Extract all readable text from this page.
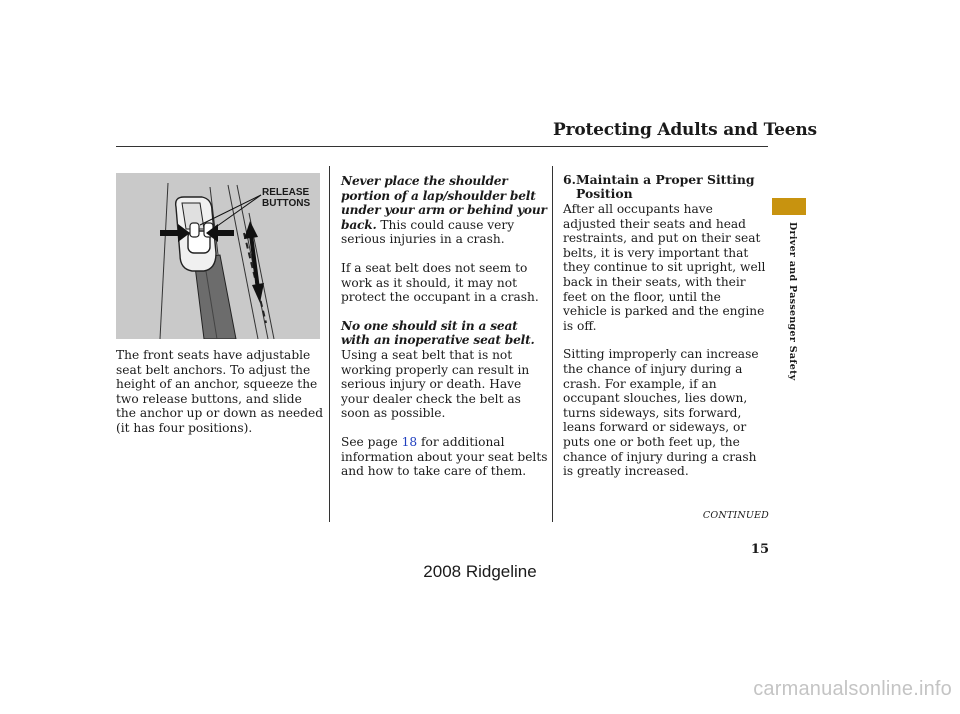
Protecting Adults and Teens
RELEASE
BUTTONS

The front seats have adjustable seat belt anchors. To adjust the height of an anchor, squeeze the two release buttons, and slide the anchor up or down as needed (it has four positions).

Never place the shoulder portion of a lap/shoulder belt under your arm or behind your back. This could cause very serious injuries in a crash.

If a seat belt does not seem to work as it should, it may not protect the occupant in a crash.

No one should sit in a seat with an inoperative seat belt. Using a seat belt that is not working properly can result in serious injury or death. Have your dealer check the belt as soon as possible.

See page 18 for additional information about your seat belts and how to take care of them.

6.Maintain a Proper Sitting
Position

After all occupants have adjusted their seats and head restraints, and put on their seat belts, it is very important that they continue to sit upright, well back in their seats, with their feet on the floor, until the vehicle is parked and the engine is off.

Sitting improperly can increase the chance of injury during a crash. For example, if an occupant slouches, lies down, turns sideways, sits forward, leans forward or sideways, or puts one or both feet up, the chance of injury during a crash is greatly increased.

Driver and Passenger Safety
CONTINUED
15
2008 Ridgeline
carmanualsonline.info
